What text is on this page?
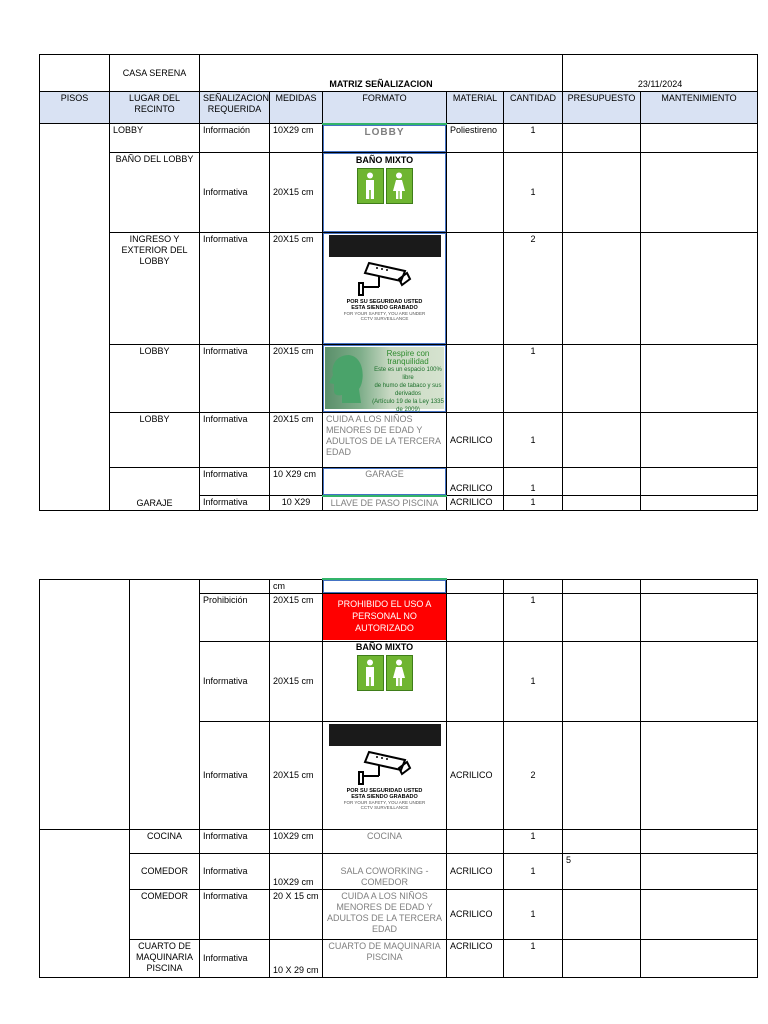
	CASA SERENA	MATRIZ SEÑALIZACION					23/11/2024	
PISOS	LUGAR DEL RECINTO	SEÑALIZACION REQUERIDA	MEDIDAS	FORMATO	MATERIAL	CANTIDAD	PRESUPUESTO	MANTENIMIENTO
	LOBBY	Información	10X29 cm	LOBBY	Poliestireno	1		
	BAÑO DEL LOBBY	Informativa	20X15 cm	BAÑO MIXTO		1		
	INGRESO Y EXTERIOR DEL LOBBY	Informativa	20X15 cm	POR SU SEGURIDAD USTED
ESTA SIENDO GRABADO
FOR YOUR SAFETY, YOU ARE UNDER
CCTV SURVEILLANCE		2		
	LOBBY	Informativa	20X15 cm	Respire con tranquilidad
Este es un espacio 100% libre
de humo de tabaco y sus derivados
(Artículo 19 de la Ley 1335 de 2009)		1		
	LOBBY	Informativa	20X15 cm	CUIDA A LOS NIÑOS MENORES DE EDAD Y ADULTOS DE LA TERCERA EDAD	ACRILICO	1		
	GARAJE	Informativa	10 X29 cm	GARAGE	ACRILICO	1		
		Informativa	10 X29	LLAVE DE PASO PISCINA	ACRILICO	1		
			cm					
		Prohibición	20X15 cm	PROHIBIDO EL USO A PERSONAL NO AUTORIZADO		1		
		Informativa	20X15 cm	BAÑO MIXTO		1		
		Informativa	20X15 cm	POR SU SEGURIDAD USTED
ESTA SIENDO GRABADO
FOR YOUR SAFETY, YOU ARE UNDER
CCTV SURVEILLANCE	ACRILICO	2		
	COCINA	Informativa	10X29 cm	COCINA		1		
	COMEDOR	Informativa	10X29 cm	SALA COWORKING - COMEDOR	ACRILICO	1	5	
	COMEDOR	Informativa	20 X 15 cm	CUIDA A LOS NIÑOS MENORES DE EDAD Y ADULTOS DE LA TERCERA EDAD	ACRILICO	1		
	CUARTO DE MAQUINARIA PISCINA	Informativa	10 X 29 cm	CUARTO DE MAQUINARIA PISCINA	ACRILICO	1		
